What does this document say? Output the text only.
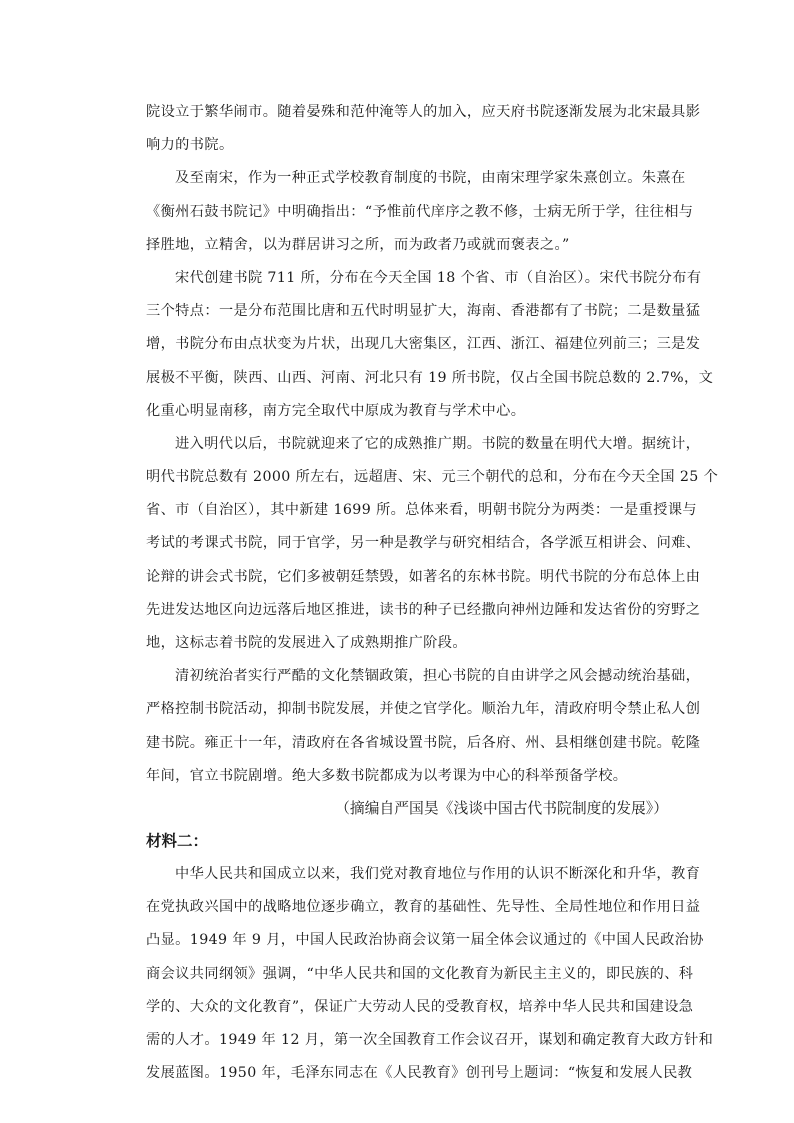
院设立于繁华闹市。随着晏殊和范仲淹等人的加入，应天府书院逐渐发展为北宋最具影
响力的书院。
及至南宋，作为一种正式学校教育制度的书院，由南宋理学家朱熹创立。朱熹在
《衡州石鼓书院记》中明确指出：“予惟前代庠序之教不修，士病无所于学，往往相与
择胜地，立精舍，以为群居讲习之所，而为政者乃或就而褒表之。”
宋代创建书院 711 所，分布在今天全国 18 个省、市（自治区）。宋代书院分布有
三个特点：一是分布范围比唐和五代时明显扩大，海南、香港都有了书院；二是数量猛
增，书院分布由点状变为片状，出现几大密集区，江西、浙江、福建位列前三；三是发
展极不平衡，陕西、山西、河南、河北只有 19 所书院，仅占全国书院总数的 2.7%，文
化重心明显南移，南方完全取代中原成为教育与学术中心。
进入明代以后，书院就迎来了它的成熟推广期。书院的数量在明代大增。据统计，
明代书院总数有 2000 所左右，远超唐、宋、元三个朝代的总和，分布在今天全国 25 个
省、市（自治区），其中新建 1699 所。总体来看，明朝书院分为两类：一是重授课与
考试的考课式书院，同于官学，另一种是教学与研究相结合，各学派互相讲会、问难、
论辩的讲会式书院，它们多被朝廷禁毁，如著名的东林书院。明代书院的分布总体上由
先进发达地区向边远落后地区推进，读书的种子已经撒向神州边陲和发达省份的穷野之
地，这标志着书院的发展进入了成熟期推广阶段。
清初统治者实行严酷的文化禁锢政策，担心书院的自由讲学之风会撼动统治基础，
严格控制书院活动，抑制书院发展，并使之官学化。顺治九年，清政府明令禁止私人创
建书院。雍正十一年，清政府在各省城设置书院，后各府、州、县相继创建书院。乾隆
年间，官立书院剧增。绝大多数书院都成为以考课为中心的科举预备学校。
（摘编自严国昊《浅谈中国古代书院制度的发展》）
材料二：
中华人民共和国成立以来，我们党对教育地位与作用的认识不断深化和升华，教育
在党执政兴国中的战略地位逐步确立，教育的基础性、先导性、全局性地位和作用日益
凸显。1949 年 9 月，中国人民政治协商会议第一届全体会议通过的《中国人民政治协
商会议共同纲领》强调，“中华人民共和国的文化教育为新民主主义的，即民族的、科
学的、大众的文化教育”，保证广大劳动人民的受教育权，培养中华人民共和国建设急
需的人才。1949 年 12 月，第一次全国教育工作会议召开，谋划和确定教育大政方针和
发展蓝图。1950 年，毛泽东同志在《人民教育》创刊号上题词：“恢复和发展人民教
